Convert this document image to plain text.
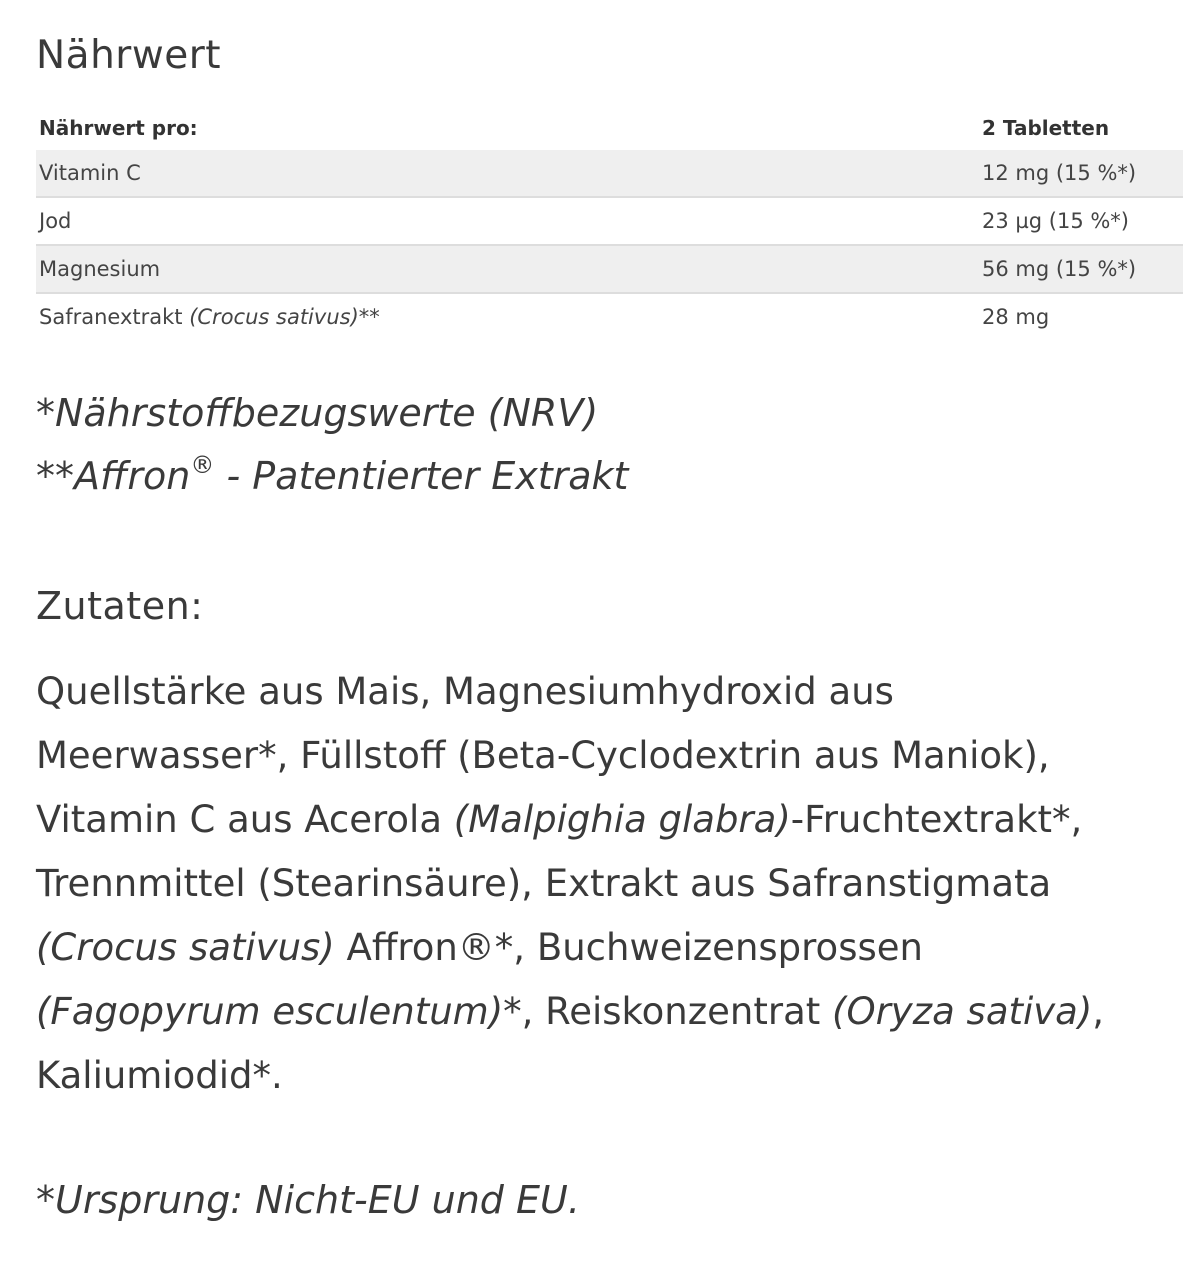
Nährwert
Nährwert pro:	2 Tabletten
Vitamin C	12 mg (15 %*)
Jod	23 µg (15 %*)
Magnesium	56 mg (15 %*)
Safranextrakt (Crocus sativus)**	28 mg
*Nährstoffbezugswerte (NRV)
**Affron® - Patentierter Extrakt
Zutaten:
Quellstärke aus Mais, Magnesiumhydroxid aus
Meerwasser*, Füllstoff (Beta-Cyclodextrin aus Maniok),
Vitamin C aus Acerola (Malpighia glabra)-Fruchtextrakt*,
Trennmittel (Stearinsäure), Extrakt aus Safranstigmata
(Crocus sativus) Affron®*, Buchweizensprossen
(Fagopyrum esculentum)*, Reiskonzentrat (Oryza sativa),
Kaliumiodid*.
*Ursprung: Nicht-EU und EU.
